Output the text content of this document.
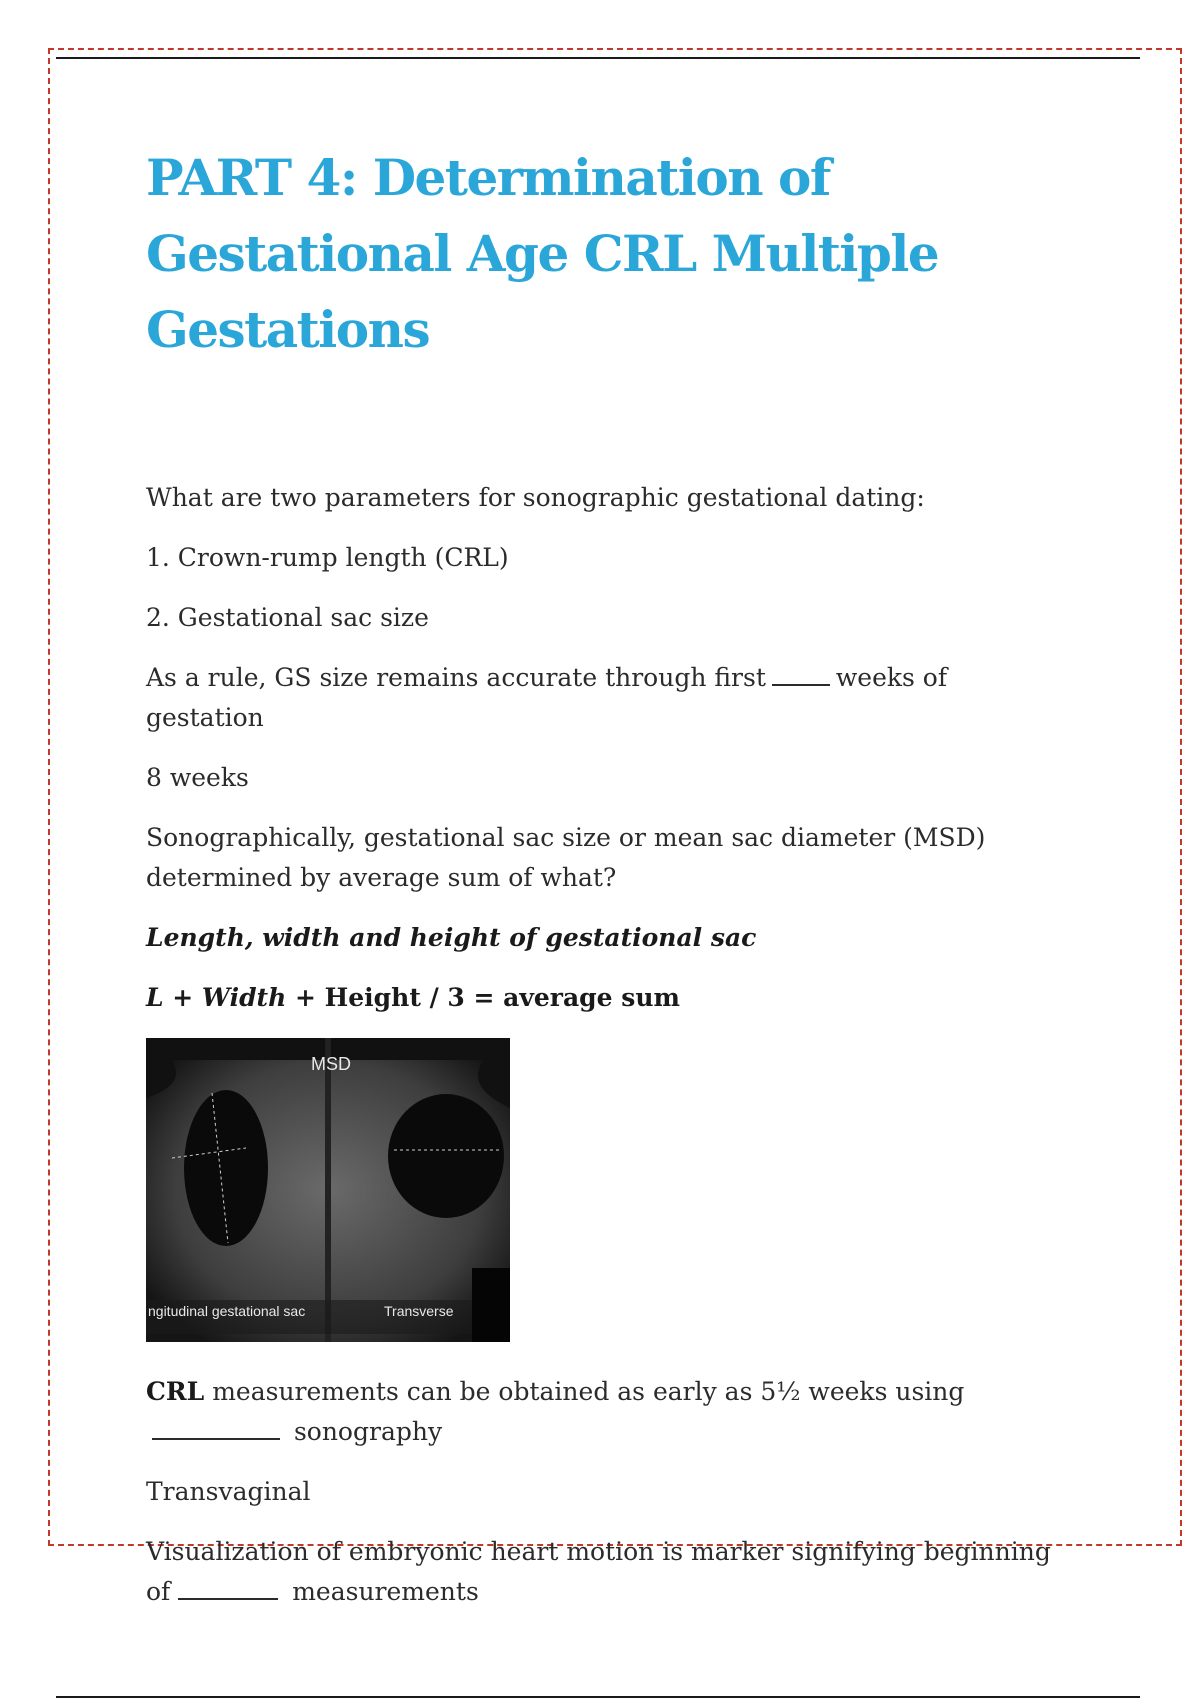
PART 4: Determination of Gestational Age CRL Multiple Gestations

What are two parameters for sonographic gestational dating:

1. Crown-rump length (CRL)

2. Gestational sac size

As a rule, GS size remains accurate through first	weeks of gestation

8 weeks

Sonographically, gestational sac size or mean sac diameter (MSD) determined by average sum of what?

Length, width and height of gestational sac

L + Width + Height / 3 = average sum

MSD
ngitudinal gestational sac	Transverse

CRL measurements can be obtained as early as 5½ weeks using sonography

Transvaginal

Visualization of embryonic heart motion is marker signifying beginning of	measurements
